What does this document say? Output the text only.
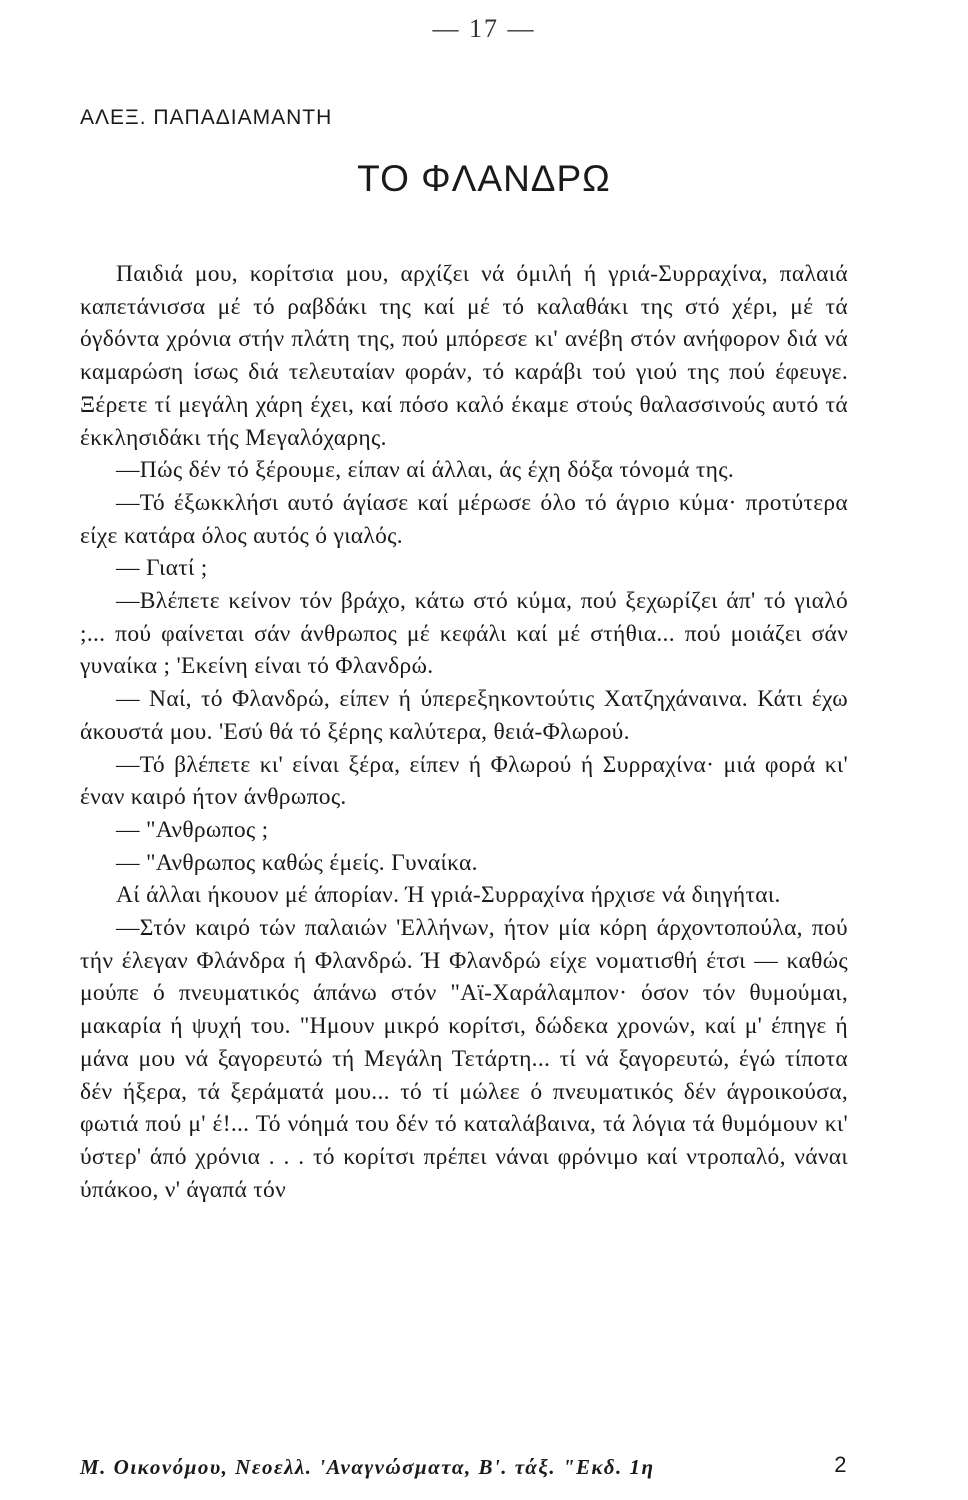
— 17 —
ΑΛΕΞ. ΠΑΠΑΔΙΑΜΑΝΤΗ
ΤΟ ΦΛΑΝΔΡΩ

Παιδιά μου, κορίτσια μου, αρχίζει νά όμιλή ή γριά-Συρραχίνα, παλαιά καπετάνισσα μέ τό ραβδάκι της καί μέ τό καλαθάκι της στό χέρι, μέ τά όγδόντα χρόνια στήν πλάτη της, πού μπόρεσε κι' ανέβη στόν ανήφορον διά νά καμαρώση ίσως διά τελευταίαν φοράν, τό καράβι τού γιού της πού έφευγε. Ξέρετε τί μεγάλη χάρη έχει, καί πόσο καλό έκαμε στούς θαλασσινούς αυτό τά έκκλησιδάκι τής Μεγαλόχαρης.

—Πώς δέν τό ξέρουμε, είπαν αί άλλαι, άς έχη δόξα τόνομά της.

—Τό έξωκκλήσι αυτό άγίασε καί μέρωσε όλο τό άγριο κύμα· προτύτερα είχε κατάρα όλος αυτός ό γιαλός.

— Γιατί ;

—Βλέπετε κείνον τόν βράχο, κάτω στό κύμα, πού ξεχωρίζει άπ' τό γιαλό ;... πού φαίνεται σάν άνθρωπος μέ κεφάλι καί μέ στήθια... πού μοιάζει σάν γυναίκα ; 'Εκείνη είναι τό Φλανδρώ.

— Ναί, τό Φλανδρώ, είπεν ή ύπερεξηκοντούτις Χατζηχάναινα. Κάτι έχω άκουστά μου. 'Εσύ θά τό ξέρης καλύτερα, θειά-Φλωρού.

—Τό βλέπετε κι' είναι ξέρα, είπεν ή Φλωρού ή Συρραχίνα· μιά φορά κι' έναν καιρό ήτον άνθρωπος.

— "Ανθρωπος ;

— "Ανθρωπος καθώς έμείς. Γυναίκα.

Αί άλλαι ήκουον μέ άπορίαν. Ή γριά-Συρραχίνα ήρχισε νά διηγήται.

—Στόν καιρό τών παλαιών 'Ελλήνων, ήτον μία κόρη άρχοντοπούλα, πού τήν έλεγαν Φλάνδρα ή Φλανδρώ. Ή Φλανδρώ είχε νοματισθή έτσι — καθώς μούπε ό πνευματικός άπάνω στόν "Αϊ-Χαράλαμπον· όσον τόν θυμούμαι, μακαρία ή ψυχή του. "Ημουν μικρό κορίτσι, δώδεκα χρονών, καί μ' έπηγε ή μάνα μου νά ξαγορευτώ τή Μεγάλη Τετάρτη... τί νά ξαγορευτώ, έγώ τίποτα δέν ήξερα, τά ξεράματά μου... τό τί μώλεε ό πνευματικός δέν άγροικούσα, φωτιά πού μ' έ!... Τό νόημά του δέν τό καταλάβαινα, τά λόγια τά θυμόμουν κι' ύστερ' άπό χρόνια . . . τό κορίτσι πρέπει νάναι φρόνιμο καί ντροπαλό, νάναι ύπάκοο, ν' άγαπά τόν

Μ. Οικονόμου, Νεοελλ. 'Αναγνώσματα, Β'. τάξ. "Εκδ. 1η	2
